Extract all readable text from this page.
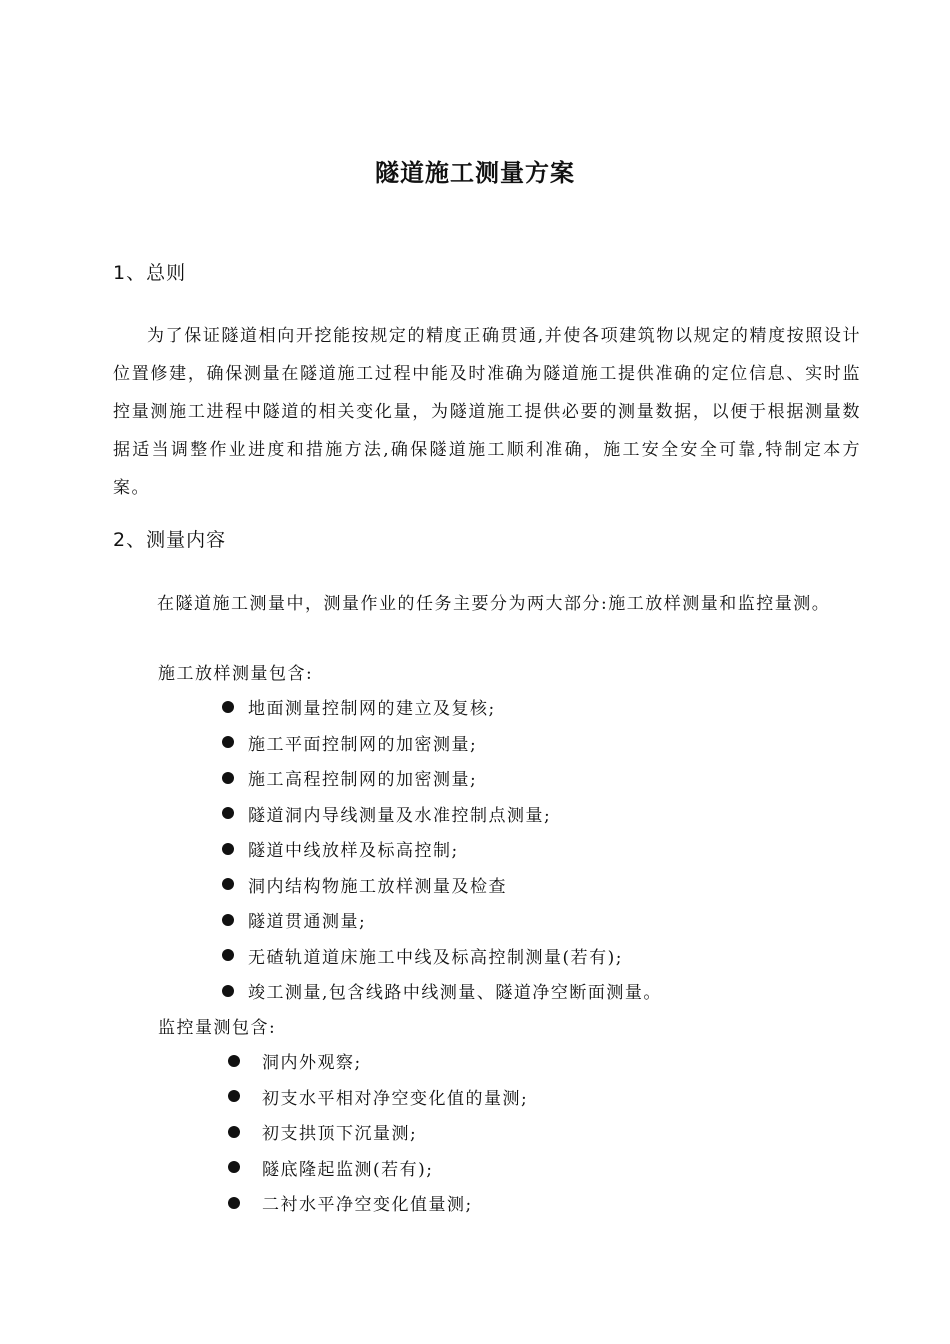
隧道施工测量方案
1、总则
为了保证隧道相向开挖能按规定的精度正确贯通,并使各项建筑物以规定的精度按照设计位置修建，确保测量在隧道施工过程中能及时准确为隧道施工提供准确的定位信息、实时监控量测施工进程中隧道的相关变化量，为隧道施工提供必要的测量数据，以便于根据测量数据适当调整作业进度和措施方法,确保隧道施工顺利准确，施工安全安全可靠,特制定本方案。
2、测量内容
在隧道施工测量中，测量作业的任务主要分为两大部分:施工放样测量和监控量测。
施工放样测量包含:
地面测量控制网的建立及复核;
施工平面控制网的加密测量;
施工高程控制网的加密测量;
隧道洞内导线测量及水准控制点测量;
隧道中线放样及标高控制;
洞内结构物施工放样测量及检查
隧道贯通测量;
无碴轨道道床施工中线及标高控制测量(若有);
竣工测量,包含线路中线测量、隧道净空断面测量。
监控量测包含:
洞内外观察;
初支水平相对净空变化值的量测;
初支拱顶下沉量测;
隧底隆起监测(若有);
二衬水平净空变化值量测;
